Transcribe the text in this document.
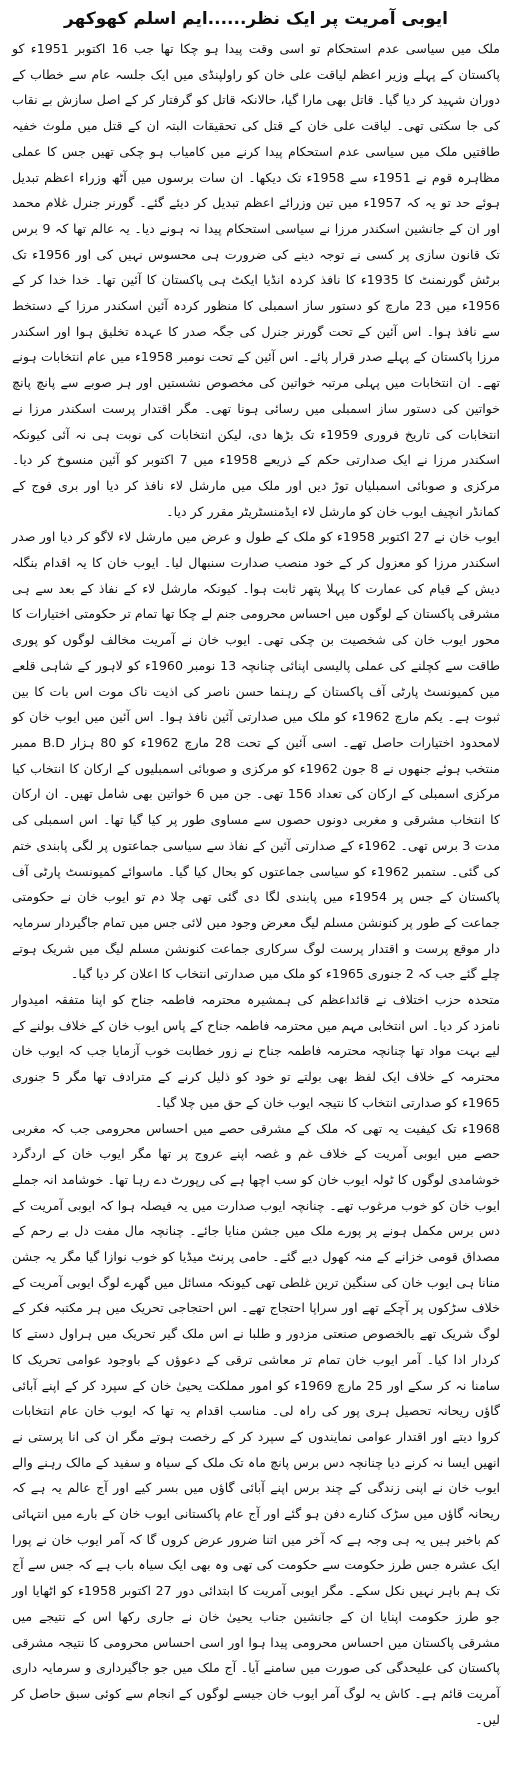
ایوبی آمریت پر ایک نظر......ایم اسلم کھوکھر

ملک میں سیاسی عدم استحکام تو اسی وقت پیدا ہو چکا تھا جب 16 اکتوبر 1951ء کو پاکستان کے پہلے وزیر اعظم لیاقت علی خان کو راولپنڈی میں ایک جلسہ عام سے خطاب کے دوران شہید کر دیا گیا۔ قاتل بھی مارا گیا، حالانکہ قاتل کو گرفتار کر کے اصل سازش بے نقاب کی جا سکتی تھی۔ لیاقت علی خان کے قتل کی تحقیقات البتہ ان کے قتل میں ملوث خفیہ طاقتیں ملک میں سیاسی عدم استحکام پیدا کرنے میں کامیاب ہو چکی تھیں جس کا عملی مظاہرہ قوم نے 1951ء سے 1958ء تک دیکھا۔ ان سات برسوں میں آٹھ وزراء اعظم تبدیل ہوئے حد تو یہ کہ 1957ء میں تین وزرائے اعظم تبدیل کر دیئے گئے۔ گورنر جنرل غلام محمد اور ان کے جانشین اسکندر مرزا نے سیاسی استحکام پیدا نہ ہونے دیا۔ یہ عالم تھا کہ 9 برس تک قانون سازی پر کسی نے توجہ دینے کی ضرورت ہی محسوس نہیں کی اور 1956ء تک برٹش گورنمنٹ کا 1935ء کا نافذ کردہ انڈیا ایکٹ ہی پاکستان کا آئین تھا۔ خدا خدا کر کے 1956ء میں 23 مارچ کو دستور ساز اسمبلی کا منظور کردہ آئین اسکندر مرزا کے دستخط سے نافذ ہوا۔ اس آئین کے تحت گورنر جنرل کی جگہ صدر کا عہدہ تخلیق ہوا اور اسکندر مرزا پاکستان کے پہلے صدر قرار پائے۔ اس آئین کے تحت نومبر 1958ء میں عام انتخابات ہونے تھے۔ ان انتخابات میں پہلی مرتبہ خواتین کی مخصوص نشستیں اور ہر صوبے سے پانچ پانچ خواتین کی دستور ساز اسمبلی میں رسائی ہونا تھی۔ مگر اقتدار پرست اسکندر مرزا نے انتخابات کی تاریخ فروری 1959ء تک بڑھا دی، لیکن انتخابات کی نوبت ہی نہ آئی کیونکہ اسکندر مرزا نے ایک صدارتی حکم کے ذریعے 1958ء میں 7 اکتوبر کو آئین منسوخ کر دیا۔ مرکزی و صوبائی اسمبلیاں توڑ دیں اور ملک میں مارشل لاء نافذ کر دیا اور بری فوج کے کمانڈر انچیف ایوب خان کو مارشل لاء ایڈمنسٹریٹر مقرر کر دیا۔

ایوب خان نے 27 اکتوبر 1958ء کو ملک کے طول و عرض میں مارشل لاء لاگو کر دیا اور صدر اسکندر مرزا کو معزول کر کے خود منصب صدارت سنبھال لیا۔ ایوب خان کا یہ اقدام بنگلہ دیش کے قیام کی عمارت کا پہلا پتھر ثابت ہوا۔ کیونکہ مارشل لاء کے نفاذ کے بعد سے ہی مشرقی پاکستان کے لوگوں میں احساس محرومی جنم لے چکا تھا تمام تر حکومتی اختیارات کا محور ایوب خان کی شخصیت بن چکی تھی۔ ایوب خان نے آمریت مخالف لوگوں کو پوری طاقت سے کچلنے کی عملی پالیسی اپنائی چنانچہ 13 نومبر 1960ء کو لاہور کے شاہی قلعے میں کمیونسٹ پارٹی آف پاکستان کے رہنما حسن ناصر کی اذیت ناک موت اس بات کا بین ثبوت ہے۔ یکم مارچ 1962ء کو ملک میں صدارتی آئین نافذ ہوا۔ اس آئین میں ایوب خان کو لامحدود اختیارات حاصل تھے۔ اسی آئین کے تحت 28 مارچ 1962ء کو 80 ہزار B.D ممبر منتخب ہوئے جنھوں نے 8 جون 1962ء کو مرکزی و صوبائی اسمبلیوں کے ارکان کا انتخاب کیا مرکزی اسمبلی کے ارکان کی تعداد 156 تھی۔ جن میں 6 خواتین بھی شامل تھیں۔ ان ارکان کا انتخاب مشرقی و مغربی دونوں حصوں سے مساوی طور پر کیا گیا تھا۔ اس اسمبلی کی مدت 3 برس تھی۔ 1962ء کے صدارتی آئین کے نفاذ سے سیاسی جماعتوں پر لگی پابندی ختم کی گئی۔ ستمبر 1962ء کو سیاسی جماعتوں کو بحال کیا گیا۔ ماسوائے کمیونسٹ پارٹی آف پاکستان کے جس پر 1954ء میں پابندی لگا دی گئی تھی چلا دم تو ایوب خان نے حکومتی جماعت کے طور پر کنونشن مسلم لیگ معرض وجود میں لائی جس میں تمام جاگیردار سرمایہ دار موقع پرست و اقتدار پرست لوگ سرکاری جماعت کنونشن مسلم لیگ میں شریک ہوتے چلے گئے جب کہ 2 جنوری 1965ء کو ملک میں صدارتی انتخاب کا اعلان کر دیا گیا۔

متحدہ حزب اختلاف نے قائداعظم کی ہمشیرہ محترمہ فاطمہ جناح کو اپنا متفقہ امیدوار نامزد کر دیا۔ اس انتخابی مہم میں محترمہ فاطمہ جناح کے پاس ایوب خان کے خلاف بولنے کے لیے بہت مواد تھا چنانچہ محترمہ فاطمہ جناح نے زور خطابت خوب آزمایا جب کہ ایوب خان محترمہ کے خلاف ایک لفظ بھی بولتے تو خود کو ذلیل کرنے کے مترادف تھا مگر 5 جنوری 1965ء کو صدارتی انتخاب کا نتیجہ ایوب خان کے حق میں چلا گیا۔

1968ء تک کیفیت یہ تھی کہ ملک کے مشرقی حصے میں احساس محرومی جب کہ مغربی حصے میں ایوبی آمریت کے خلاف غم و غصہ اپنے عروج پر تھا مگر ایوب خان کے اردگرد خوشامدی لوگوں کا ٹولہ ایوب خان کو سب اچھا ہے کی رپورٹ دے رہا تھا۔ خوشامد انہ جملے ایوب خان کو خوب مرغوب تھے۔ چنانچہ ایوب صدارت میں یہ فیصلہ ہوا کہ ایوبی آمریت کے دس برس مکمل ہونے پر پورے ملک میں جشن منایا جائے۔ چنانچہ مال مفت دل بے رحم کے مصداق قومی خزانے کے منہ کھول دیے گئے۔ حامی پرنٹ میڈیا کو خوب نوازا گیا مگر یہ جشن منانا ہی ایوب خان کی سنگین ترین غلطی تھی کیونکہ مسائل میں گھرے لوگ ایوبی آمریت کے خلاف سڑکوں پر آچکے تھے اور سراپا احتجاج تھے۔ اس احتجاجی تحریک میں ہر مکتبہ فکر کے لوگ شریک تھے بالخصوص صنعتی مزدور و طلبا نے اس ملک گیر تحریک میں ہراول دستے کا کردار ادا کیا۔ آمر ایوب خان تمام تر معاشی ترقی کے دعوؤں کے باوجود عوامی تحریک کا سامنا نہ کر سکے اور 25 مارچ 1969ء کو امور مملکت یحییٰ خان کے سپرد کر کے اپنے آبائی گاؤں ریحانہ تحصیل ہری پور کی راہ لی۔ مناسب اقدام یہ تھا کہ ایوب خان عام انتخابات کروا دیتے اور اقتدار عوامی نمایندوں کے سپرد کر کے رخصت ہوتے مگر ان کی انا پرستی نے انھیں ایسا نہ کرنے دیا چنانچہ دس برس پانچ ماہ تک ملک کے سیاہ و سفید کے مالک رہنے والے ایوب خان نے اپنی زندگی کے چند برس اپنے آبائی گاؤں میں بسر کیے اور آج عالم یہ ہے کہ ریحانہ گاؤں میں سڑک کنارے دفن ہو گئے اور آج عام پاکستانی ایوب خان کے بارے میں انتہائی کم باخبر ہیں یہ ہی وجہ ہے کہ آخر میں اتنا ضرور عرض کروں گا کہ آمر ایوب خان نے پورا ایک عشرہ جس طرز حکومت سے حکومت کی تھی وہ بھی ایک سیاہ باب ہے کہ جس سے آج تک ہم باہر نہیں نکل سکے۔ مگر ایوبی آمریت کا ابتدائی دور 27 اکتوبر 1958ء کو اٹھایا اور جو طرز حکومت اپنایا ان کے جانشین جناب یحییٰ خان نے جاری رکھا اس کے نتیجے میں مشرقی پاکستان میں احساس محرومی پیدا ہوا اور اسی احساس محرومی کا نتیجہ مشرقی پاکستان کی علیحدگی کی صورت میں سامنے آیا۔ آج ملک میں جو جاگیرداری و سرمایہ داری آمریت قائم ہے۔ کاش یہ لوگ آمر ایوب خان جیسے لوگوں کے انجام سے کوئی سبق حاصل کر لیں۔
